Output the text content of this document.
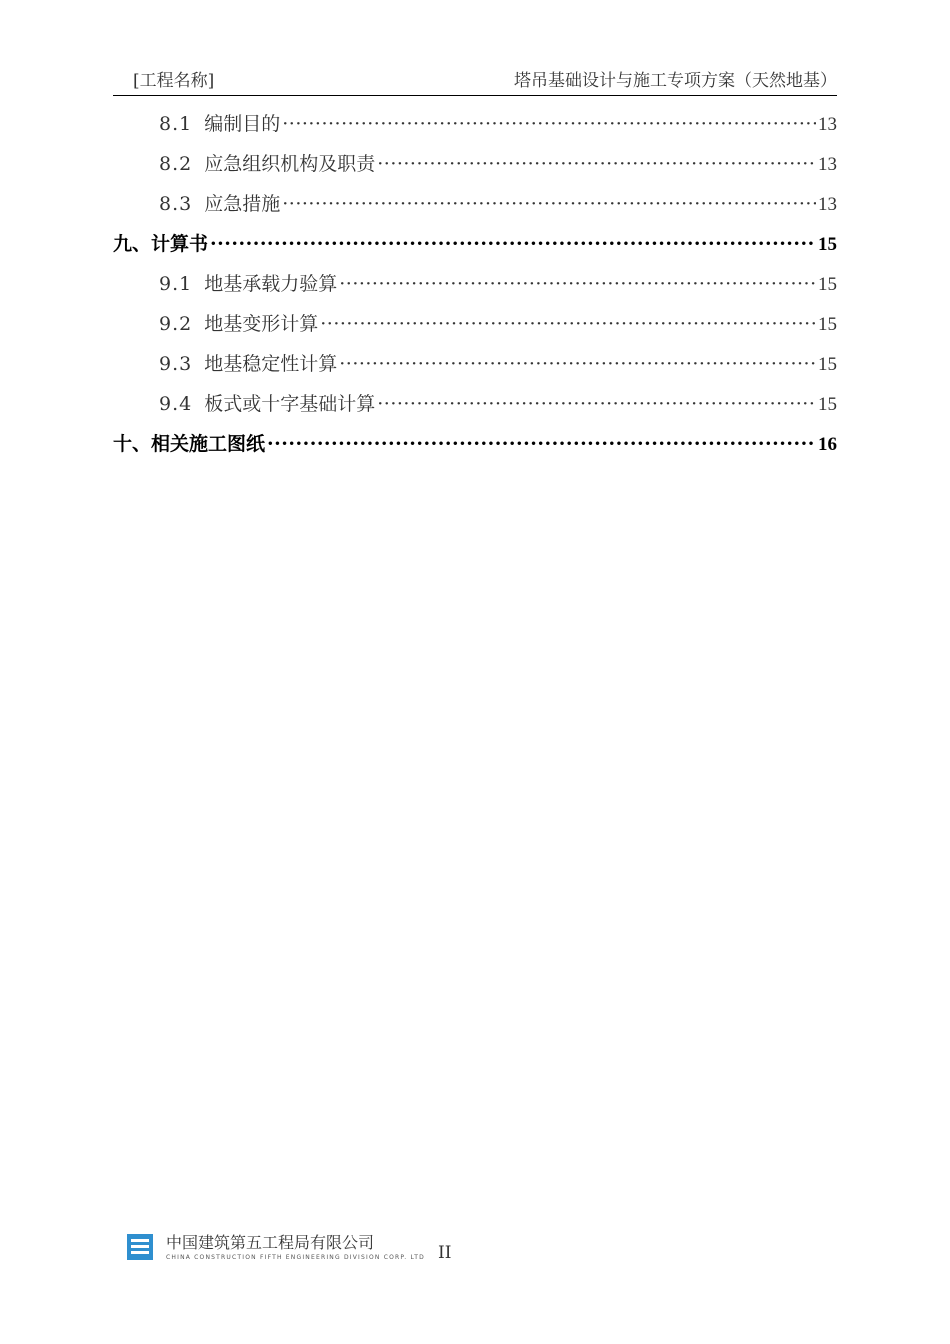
[工程名称]	塔吊基础设计与施工专项方案（天然地基）
8.1 编制目的 ·····	13
8.2 应急组织机构及职责 ·····	13
8.3 应急措施 ·····	13
九、计算书 ·····	15
9.1 地基承载力验算 ·····	15
9.2 地基变形计算 ·····	15
9.3 地基稳定性计算 ·····	15
9.4 板式或十字基础计算 ·····	15
十、相关施工图纸 ·····	16
中国建筑第五工程局有限公司
CHINA CONSTRUCTION FIFTH ENGINEERING DIVISION CORP. LTD II
